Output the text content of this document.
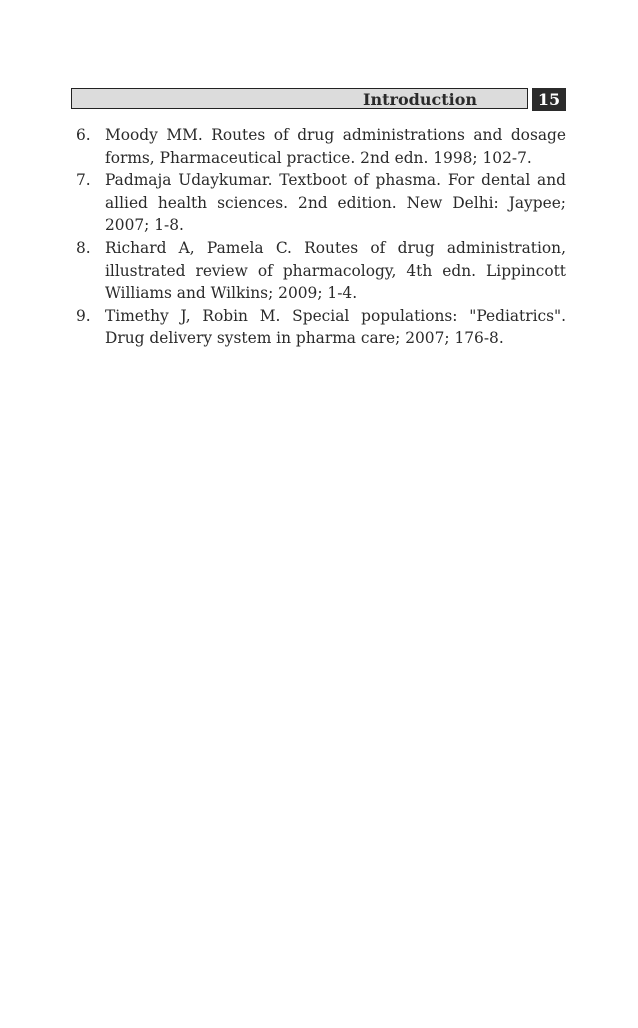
Introduction	15
6. Moody MM. Routes of drug administrations and dosage forms, Pharmaceutical practice. 2nd edn. 1998; 102-7.
7. Padmaja Udaykumar. Textboot of phasma. For dental and allied health sciences. 2nd edition. New Delhi: Jaypee; 2007; 1-8.
8. Richard A, Pamela C. Routes of drug administration, illustrated review of pharmacology, 4th edn. Lippincott Williams and Wilkins; 2009; 1-4.
9. Timethy J, Robin M. Special populations: "Pediatrics". Drug delivery system in pharma care; 2007; 176-8.
